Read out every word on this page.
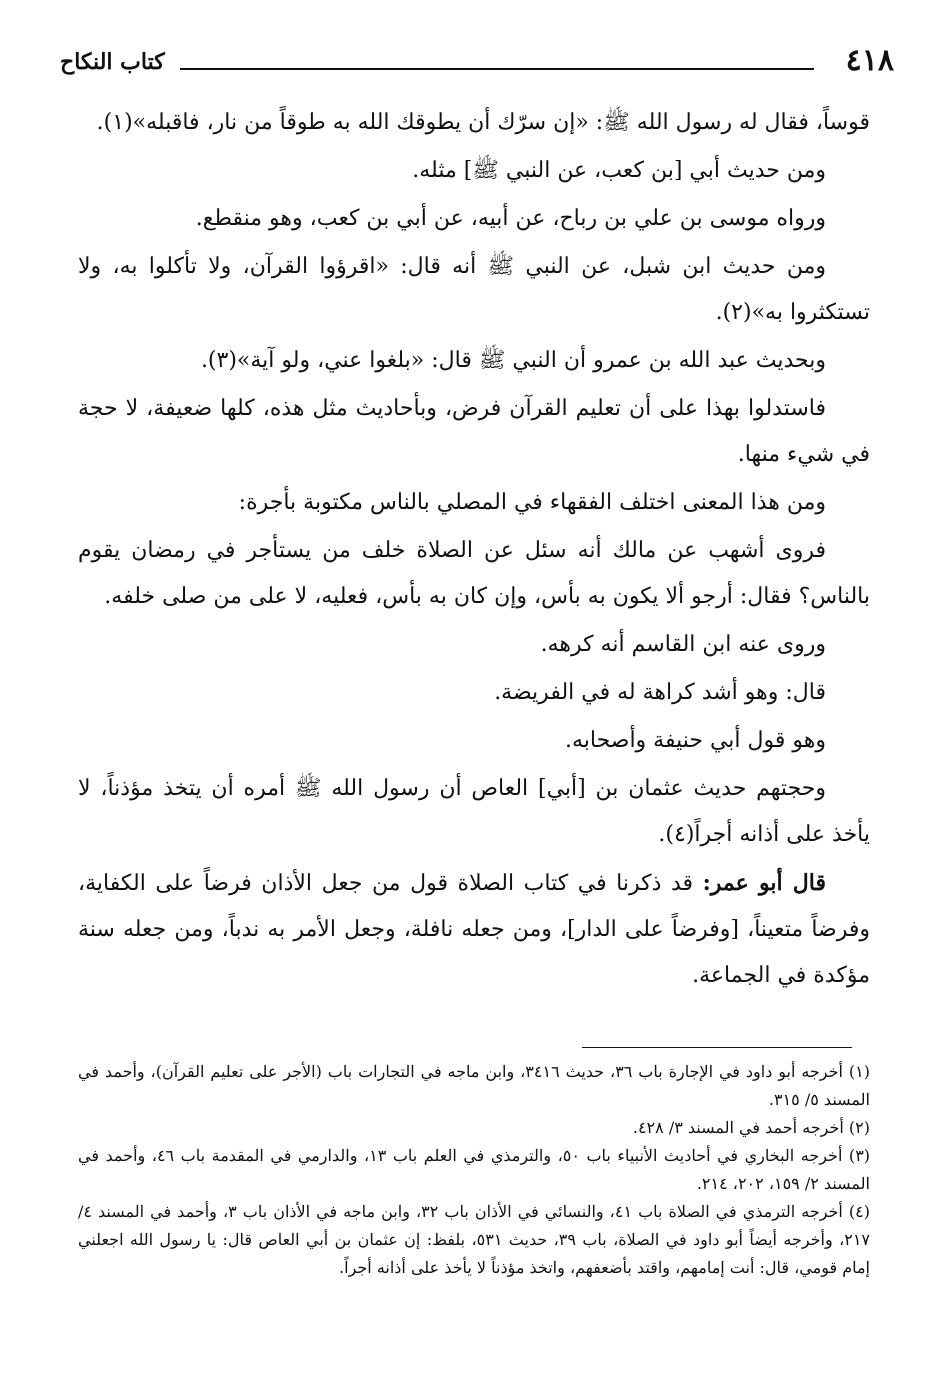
٤١٨
كتاب النكاح

قوساً، فقال له رسول الله ﷺ: «إن سرّك أن يطوقك الله به طوقاً من نار، فاقبله»(١).

ومن حديث أبي [بن كعب، عن النبي ﷺ] مثله.

ورواه موسى بن علي بن رباح، عن أبيه، عن أبي بن كعب، وهو منقطع.

ومن حديث ابن شبل، عن النبي ﷺ أنه قال: «اقرؤوا القرآن، ولا تأكلوا به، ولا تستكثروا به»(٢).

وبحديث عبد الله بن عمرو أن النبي ﷺ قال: «بلغوا عني، ولو آية»(٣).

فاستدلوا بهذا على أن تعليم القرآن فرض، وبأحاديث مثل هذه، كلها ضعيفة، لا حجة في شيء منها.

ومن هذا المعنى اختلف الفقهاء في المصلي بالناس مكتوبة بأجرة:

فروى أشهب عن مالك أنه سئل عن الصلاة خلف من يستأجر في رمضان يقوم بالناس؟ فقال: أرجو ألا يكون به بأس، وإن كان به بأس، فعليه، لا على من صلى خلفه.

وروى عنه ابن القاسم أنه كرهه.

قال: وهو أشد كراهة له في الفريضة.

وهو قول أبي حنيفة وأصحابه.

وحجتهم حديث عثمان بن [أبي] العاص أن رسول الله ﷺ أمره أن يتخذ مؤذناً، لا يأخذ على أذانه أجراً(٤).

قال أبو عمر: قد ذكرنا في كتاب الصلاة قول من جعل الأذان فرضاً على الكفاية، وفرضاً متعيناً، [وفرضاً على الدار]، ومن جعله نافلة، وجعل الأمر به ندباً، ومن جعله سنة مؤكدة في الجماعة.

(١) أخرجه أبو داود في الإجارة باب ٣٦، حديث ٣٤١٦، وابن ماجه في التجارات باب (الأجر على تعليم القرآن)، وأحمد في المسند ٥/ ٣١٥.

(٢) أخرجه أحمد في المسند ٣/ ٤٢٨.

(٣) أخرجه البخاري في أحاديث الأنبياء باب ٥٠، والترمذي في العلم باب ١٣، والدارمي في المقدمة باب ٤٦، وأحمد في المسند ٢/ ١٥٩، ٢٠٢، ٢١٤.

(٤) أخرجه الترمذي في الصلاة باب ٤١، والنسائي في الأذان باب ٣٢، وابن ماجه في الأذان باب ٣، وأحمد في المسند ٤/ ٢١٧، وأخرجه أيضاً أبو داود في الصلاة، باب ٣٩، حديث ٥٣١، بلفظ: إن عثمان بن أبي العاص قال: يا رسول الله اجعلني إمام قومي، قال: أنت إمامهم، واقتد بأضعفهم، واتخذ مؤذناً لا يأخذ على أذانه أجراً.
